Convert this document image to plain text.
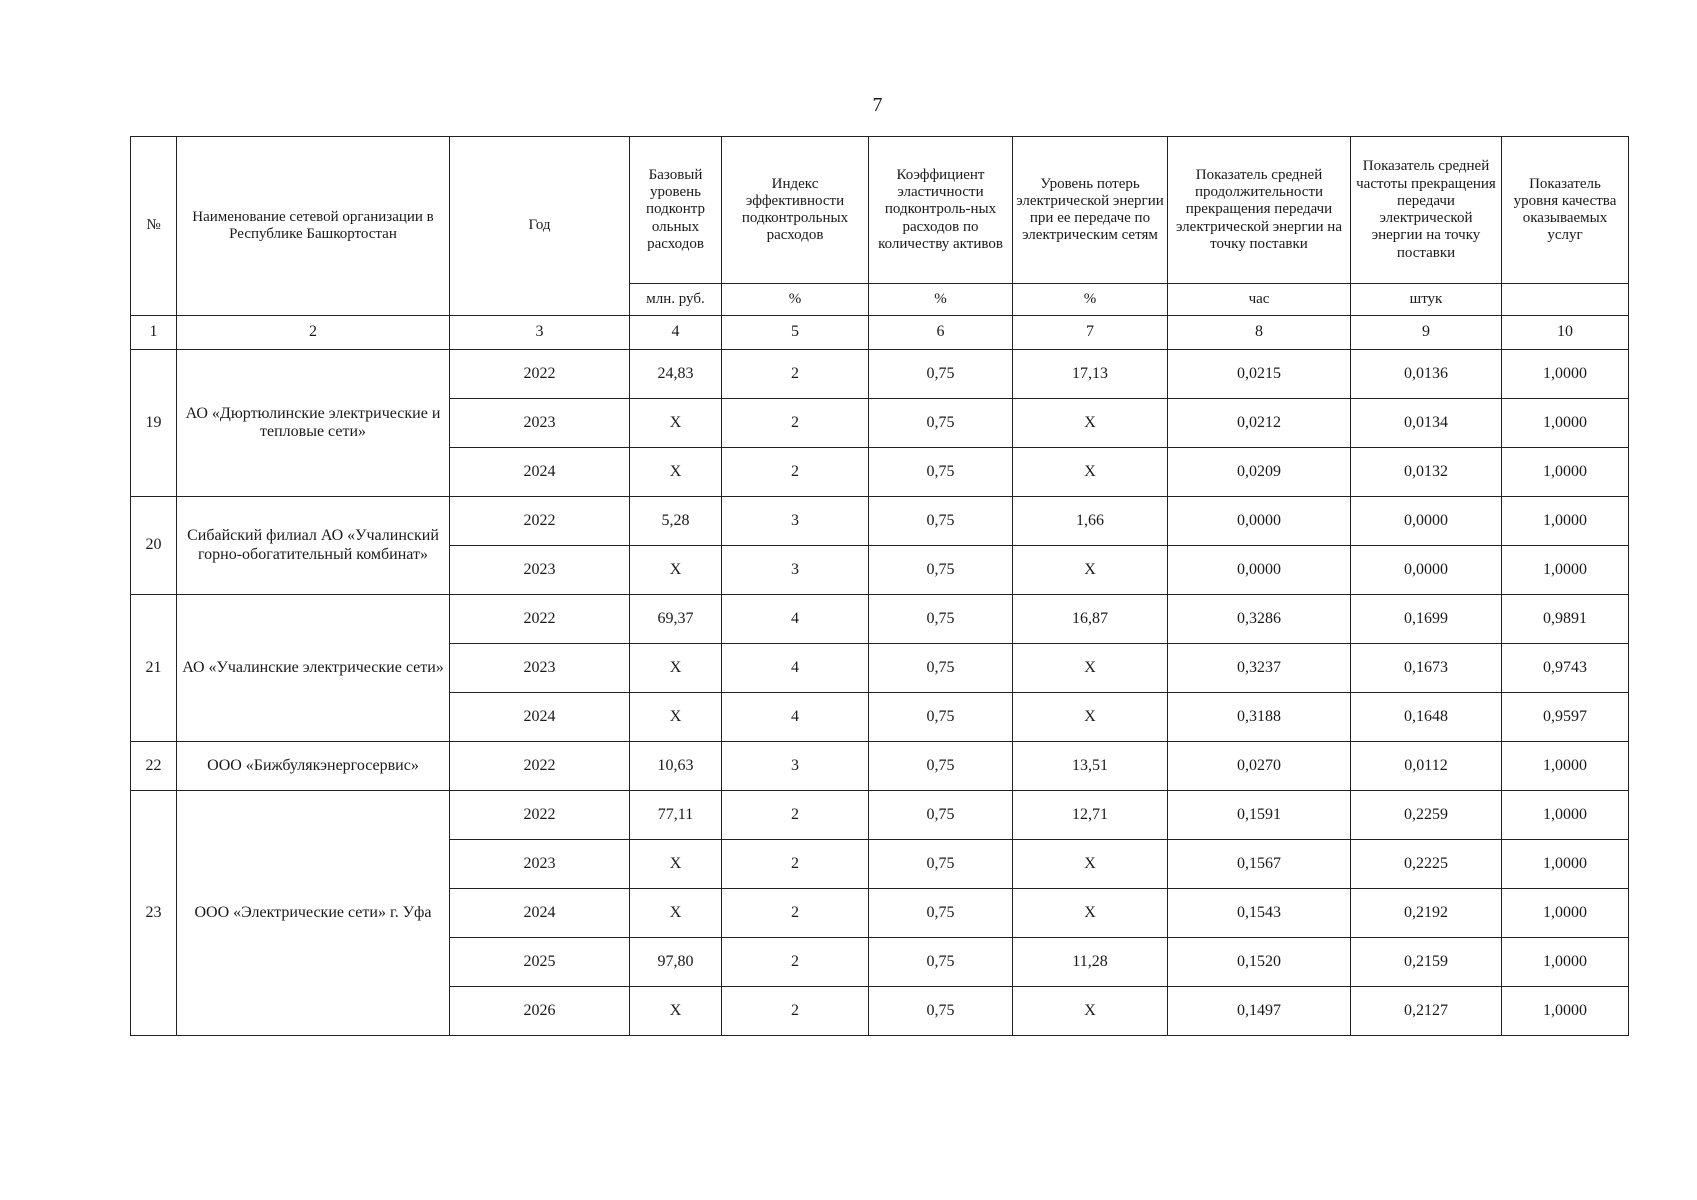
7
№	Наименование сетевой организации в Республике Башкортостан	Год	Базовый уровень подконтр ольных расходов	Индекс эффективности подконтрольных расходов	Коэффициент эластичности подконтроль-ных расходов по количеству активов	Уровень потерь электрической энергии при ее передаче по электрическим сетям	Показатель средней продолжительности прекращения передачи электрической энергии на точку поставки	Показатель средней частоты прекращения передачи электрической энергии на точку поставки	Показатель уровня качества оказываемых услуг
			млн. руб.	%	%	%	час	штук	
1	2	3	4	5	6	7	8	9	10
19	АО «Дюртюлинские электрические и тепловые сети»	2022	24,83	2	0,75	17,13	0,0215	0,0136	1,0000
		2023	X	2	0,75	X	0,0212	0,0134	1,0000
		2024	X	2	0,75	X	0,0209	0,0132	1,0000
20	Сибайский филиал АО «Учалинский горно-обогатительный комбинат»	2022	5,28	3	0,75	1,66	0,0000	0,0000	1,0000
		2023	X	3	0,75	X	0,0000	0,0000	1,0000
21	АО «Учалинские электрические сети»	2022	69,37	4	0,75	16,87	0,3286	0,1699	0,9891
		2023	X	4	0,75	X	0,3237	0,1673	0,9743
		2024	X	4	0,75	X	0,3188	0,1648	0,9597
22	ООО «Бижбулякэнергосервис»	2022	10,63	3	0,75	13,51	0,0270	0,0112	1,0000
23	ООО «Электрические сети» г. Уфа	2022	77,11	2	0,75	12,71	0,1591	0,2259	1,0000
		2023	X	2	0,75	X	0,1567	0,2225	1,0000
		2024	X	2	0,75	X	0,1543	0,2192	1,0000
		2025	97,80	2	0,75	11,28	0,1520	0,2159	1,0000
		2026	X	2	0,75	X	0,1497	0,2127	1,0000
